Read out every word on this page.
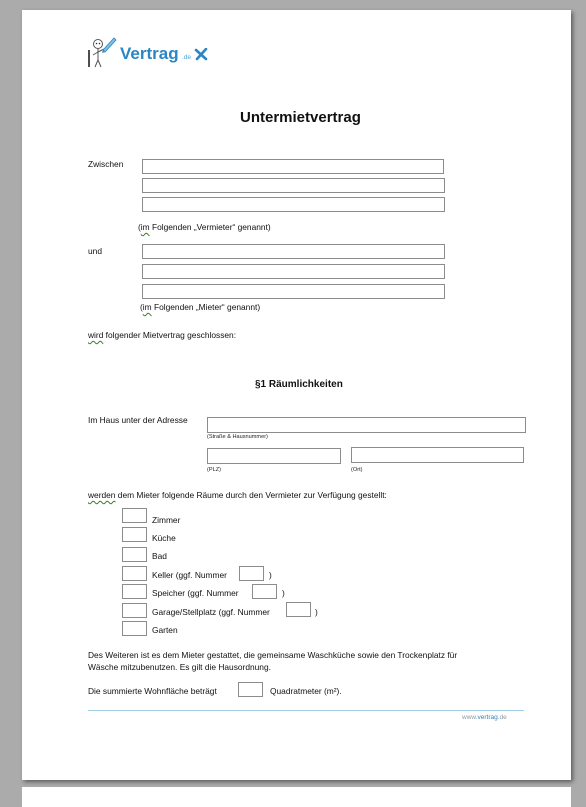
Vertrag .de
Untermietvertrag
Zwischen
(im Folgenden „Vermieter“ genannt)
und
(im Folgenden „Mieter“ genannt)
wird folgender Mietvertrag geschlossen:
§1 Räumlichkeiten
Im Haus unter der Adresse
(Straße & Hausnummer)
(PLZ)	(Ort)
werden dem Mieter folgende Räume durch den Vermieter zur Verfügung gestellt:
Zimmer
Küche
Bad
Keller (ggf. Nummer	)
Speicher (ggf. Nummer	)
Garage/Stellplatz (ggf. Nummer	)
Garten
Des Weiteren ist es dem Mieter gestattet, die gemeinsame Waschküche sowie den Trockenplatz für
Wäsche mitzubenutzen. Es gilt die Hausordnung.
Die summierte Wohnfläche beträgt	Quadratmeter (m²).
www.vertrag.de
